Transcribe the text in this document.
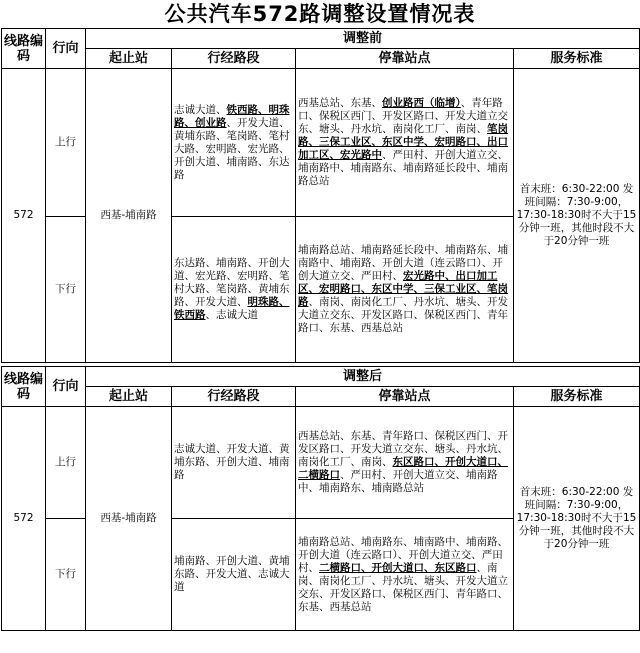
公共汽车572路调整设置情况表
线路编码	行向	调整前			
		起止站	行经路段	停靠站点	服务标准
572	上行	西基-埔南路	志诚大道、铁西路、明珠路、创业路、开发大道、黄埔东路、笔岗路、笔村大路、宏明路、宏光路、开创大道、埔南路、东达路	西基总站、东基、创业路西（临增）、青年路口、保税区西门、开发区路口、开发大道立交东、塘头、丹水坑、南岗化工厂、南岗、笔岗路、三保工业区、东区中学、宏明路口、出口加工区、宏光路中、严田村、开创大道立交、埔南路中、埔南路东、埔南路延长段中、埔南路总站	首末班：6:30-22:00 发班间隔：7:30-9:00，17:30-18:30时不大于15分钟一班，其他时段不大于20分钟一班
	下行		东达路、埔南路、开创大道、宏光路、宏明路、笔村大路、笔岗路、黄埔东路、开发大道、明珠路、铁西路、志诚大道	埔南路总站、埔南路延长段中、埔南路东、埔南路中、埔南路、开创大道（连云路口）、开创大道立交、严田村、宏光路中、出口加工区、宏明路口、东区中学、三保工业区、笔岗路、南岗、南岗化工厂、丹水坑、塘头、开发大道立交东、开发区路口、保税区西门、青年路口、东基、西基总站	
线路编码	行向	调整后			
		起止站	行经路段	停靠站点	服务标准
572	上行	西基-埔南路	志诚大道、开发大道、黄埔东路、开创大道、埔南路	西基总站、东基、青年路口、保税区西门、开发区路口、开发大道立交东、塘头、丹水坑、南岗化工厂、南岗、东区路口、开创大道口、二横路口、严田村、开创大道立交、埔南路中、埔南路东、埔南路总站	首末班：6:30-22:00 发班间隔：7:30-9:00，17:30-18:30时不大于15分钟一班，其他时段不大于20分钟一班
	下行		埔南路、开创大道、黄埔东路、开发大道、志诚大道	埔南路总站、埔南路东、埔南路中、埔南路、开创大道（连云路口）、开创大道立交、严田村、二横路口、开创大道口、东区路口、南岗、南岗化工厂、丹水坑、塘头、开发大道立交东、开发区路口、保税区西门、青年路口、东基、西基总站	
